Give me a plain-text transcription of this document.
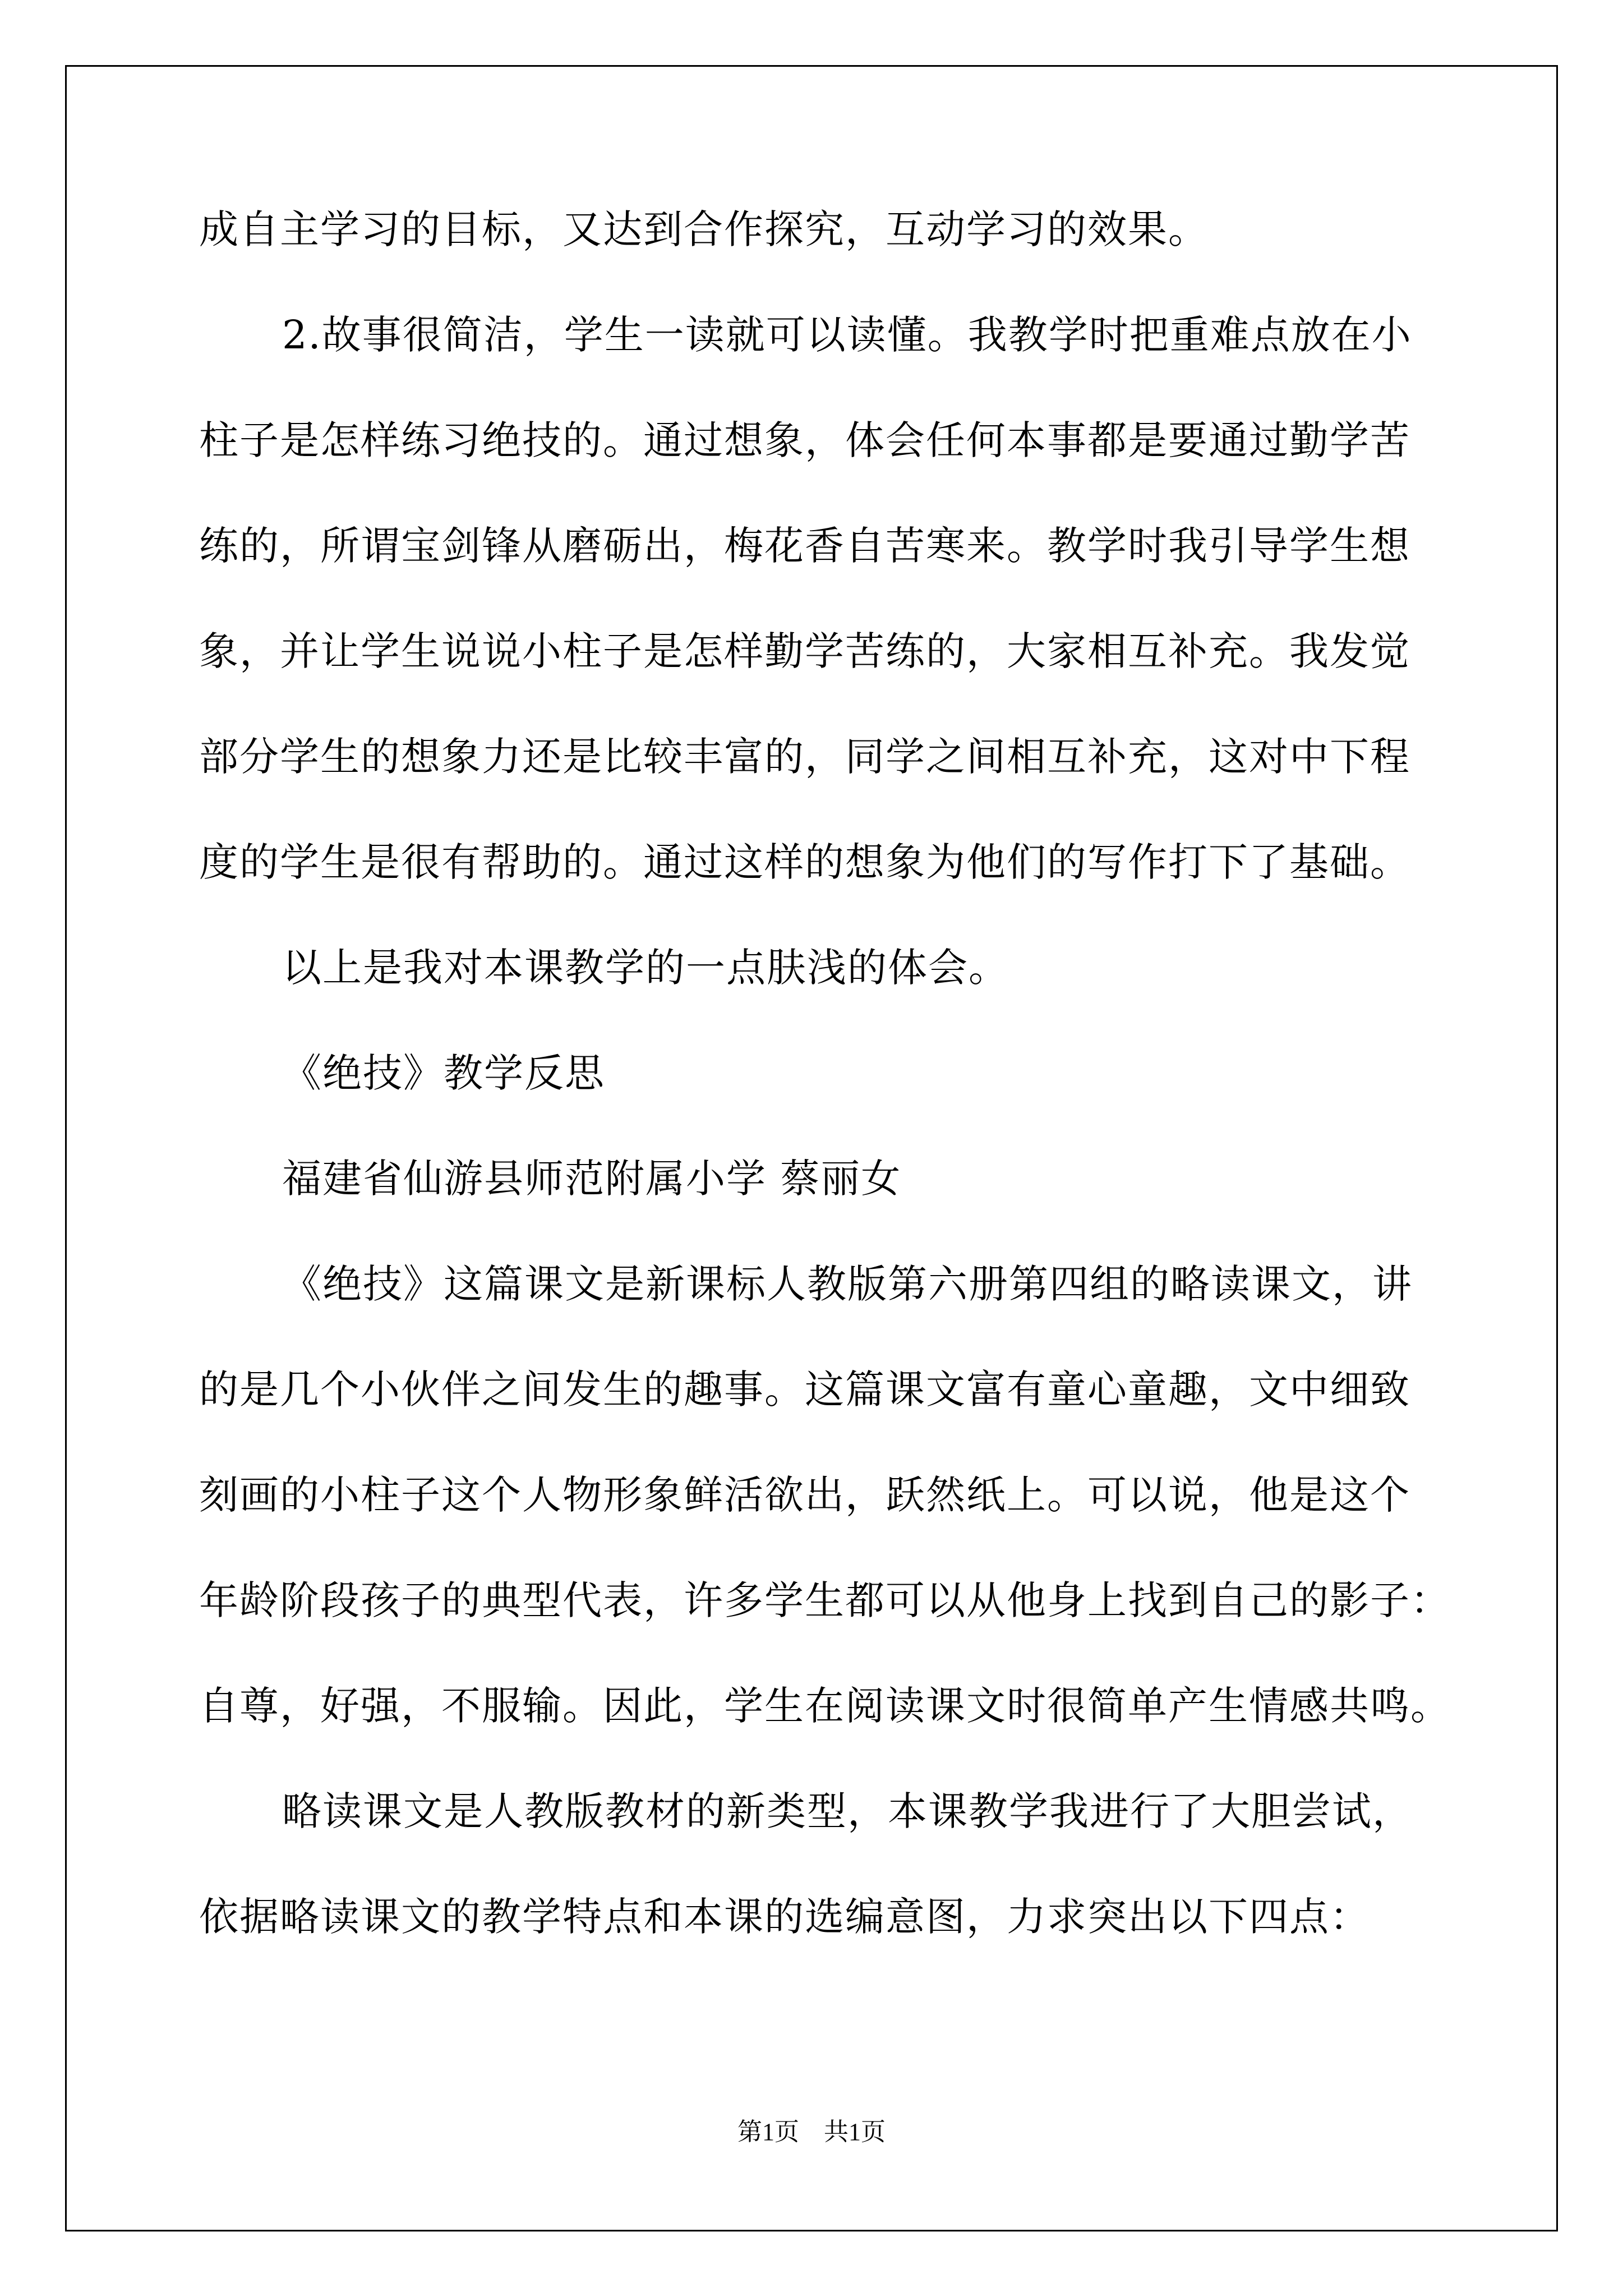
成自主学习的目标，又达到合作探究，互动学习的效果。
2.故事很简洁，学生一读就可以读懂。我教学时把重难点放在小
柱子是怎样练习绝技的。通过想象，体会任何本事都是要通过勤学苦
练的，所谓宝剑锋从磨砺出，梅花香自苦寒来。教学时我引导学生想
象，并让学生说说小柱子是怎样勤学苦练的，大家相互补充。我发觉
部分学生的想象力还是比较丰富的，同学之间相互补充，这对中下程
度的学生是很有帮助的。通过这样的想象为他们的写作打下了基础。
以上是我对本课教学的一点肤浅的体会。
《绝技》教学反思
福建省仙游县师范附属小学 蔡丽女
《绝技》这篇课文是新课标人教版第六册第四组的略读课文，讲
的是几个小伙伴之间发生的趣事。这篇课文富有童心童趣，文中细致
刻画的小柱子这个人物形象鲜活欲出，跃然纸上。可以说，他是这个
年龄阶段孩子的典型代表，许多学生都可以从他身上找到自己的影子：
自尊，好强，不服输。因此，学生在阅读课文时很简单产生情感共鸣。
略读课文是人教版教材的新类型，本课教学我进行了大胆尝试，
依据略读课文的教学特点和本课的选编意图，力求突出以下四点：
第1页　共1页
